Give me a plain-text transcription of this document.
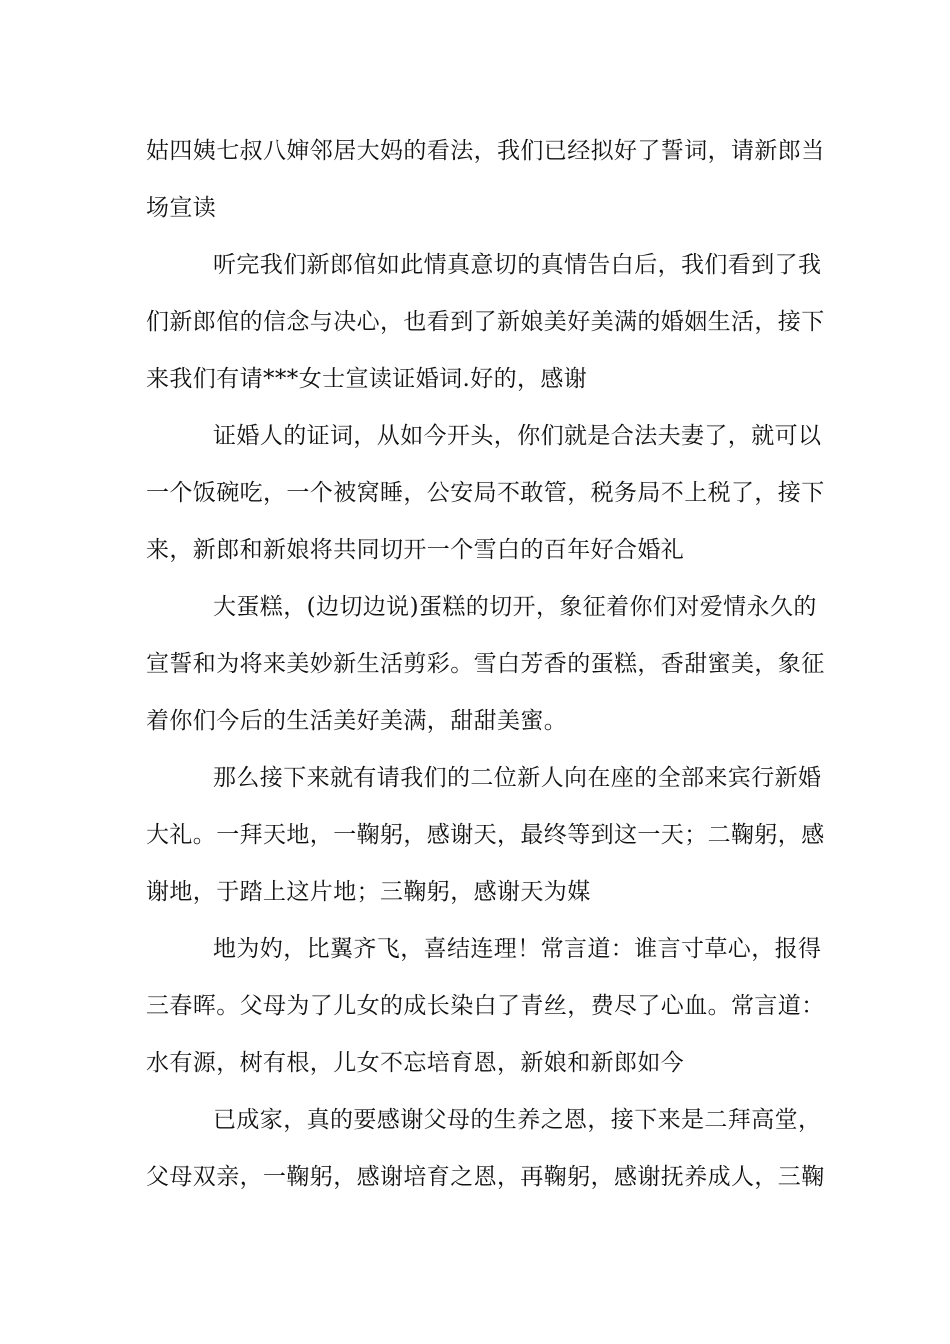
姑四姨七叔八婶邻居大妈的看法，我们已经拟好了誓词，请新郎当
场宣读
听完我们新郎倌如此情真意切的真情告白后，我们看到了我
们新郎倌的信念与决心，也看到了新娘美好美满的婚姻生活，接下
来我们有请***女士宣读证婚词.好的，感谢
证婚人的证词，从如今开头，你们就是合法夫妻了，就可以
一个饭碗吃，一个被窝睡，公安局不敢管，税务局不上税了，接下
来，新郎和新娘将共同切开一个雪白的百年好合婚礼
大蛋糕，(边切边说)蛋糕的切开，象征着你们对爱情永久的
宣誓和为将来美妙新生活剪彩。雪白芳香的蛋糕，香甜蜜美，象征
着你们今后的生活美好美满，甜甜美蜜。
那么接下来就有请我们的二位新人向在座的全部来宾行新婚
大礼。一拜天地，一鞠躬，感谢天，最终等到这一天；二鞠躬，感
谢地，于踏上这片地；三鞠躬，感谢天为媒
地为妁，比翼齐飞，喜结连理！常言道：谁言寸草心，报得
三春晖。父母为了儿女的成长染白了青丝，费尽了心血。常言道：
水有源，树有根，儿女不忘培育恩，新娘和新郎如今
已成家，真的要感谢父母的生养之恩，接下来是二拜高堂，
父母双亲，一鞠躬，感谢培育之恩，再鞠躬，感谢抚养成人，三鞠
